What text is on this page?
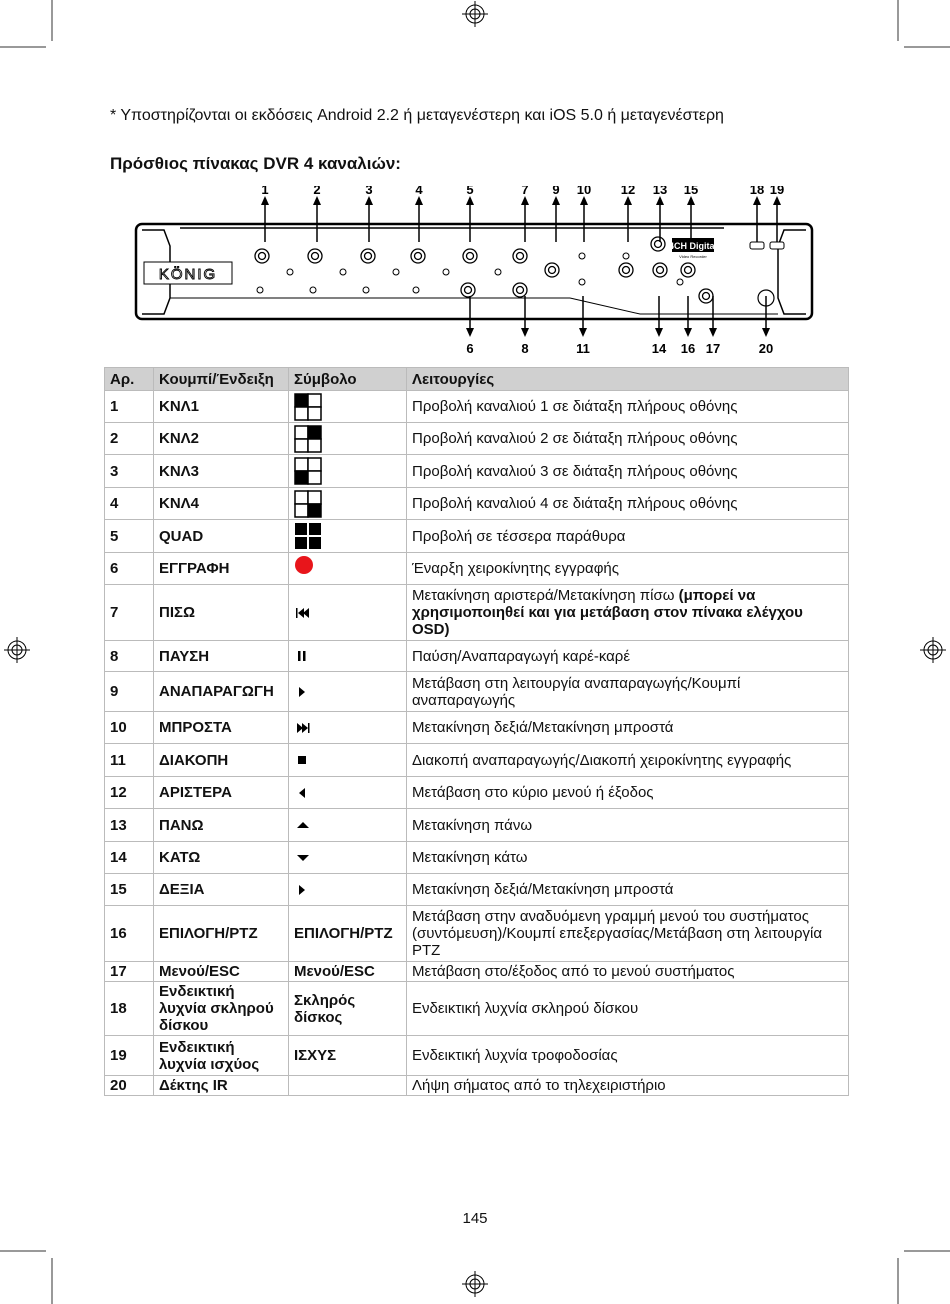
* Υποστηρίζονται οι εκδόσεις Android 2.2 ή μεταγενέστερη και iOS 5.0 ή μεταγενέστερη
Πρόσθιος πίνακας DVR 4 καναλιών:
KÖNIG
4CH Digital
Video Recorder
1	2	3	4	5	7 9 10 12 13 15	18 19
6	8	11	14 16 17	20
Αρ.	Κουμπί/Ένδειξη	Σύμβολο	Λειτουργίες
1	ΚΝΛ1		Προβολή καναλιού 1 σε διάταξη πλήρους οθόνης
2	ΚΝΛ2		Προβολή καναλιού 2 σε διάταξη πλήρους οθόνης
3	ΚΝΛ3		Προβολή καναλιού 3 σε διάταξη πλήρους οθόνης
4	ΚΝΛ4		Προβολή καναλιού 4 σε διάταξη πλήρους οθόνης
5	QUAD		Προβολή σε τέσσερα παράθυρα
6	ΕΓΓΡΑΦΗ		Έναρξη χειροκίνητης εγγραφής
7	ΠΙΣΩ		Μετακίνηση αριστερά/Μετακίνηση πίσω (μπορεί να χρησιμοποιηθεί και για μετάβαση στον πίνακα ελέγχου OSD)
8	ΠΑΥΣΗ		Παύση/Αναπαραγωγή καρέ-καρέ
9	ΑΝΑΠΑΡΑΓΩΓΗ		Μετάβαση στη λειτουργία αναπαραγωγής/Κουμπί αναπαραγωγής
10	ΜΠΡΟΣΤΑ		Μετακίνηση δεξιά/Μετακίνηση μπροστά
11	ΔΙΑΚΟΠΗ		Διακοπή αναπαραγωγής/Διακοπή χειροκίνητης εγγραφής
12	ΑΡΙΣΤΕΡΑ		Μετάβαση στο κύριο μενού ή έξοδος
13	ΠΑΝΩ		Μετακίνηση πάνω
14	ΚΑΤΩ		Μετακίνηση κάτω
15	ΔΕΞΙΑ		Μετακίνηση δεξιά/Μετακίνηση μπροστά
16	ΕΠΙΛΟΓΗ/PTZ	ΕΠΙΛΟΓΗ/PTZ	Μετάβαση στην αναδυόμενη γραμμή μενού του συστήματος (συντόμευση)/Κουμπί επεξεργασίας/Μετάβαση στη λειτουργία PTZ
17	Μενού/ESC	Μενού/ESC	Μετάβαση στο/έξοδος από το μενού συστήματος
18	Ενδεικτική λυχνία σκληρού δίσκου	Σκληρός δίσκος	Ενδεικτική λυχνία σκληρού δίσκου
19	Ενδεικτική λυχνία ισχύος	ΙΣΧΥΣ	Ενδεικτική λυχνία τροφοδοσίας
20	Δέκτης IR		Λήψη σήματος από το τηλεχειριστήριο
145
